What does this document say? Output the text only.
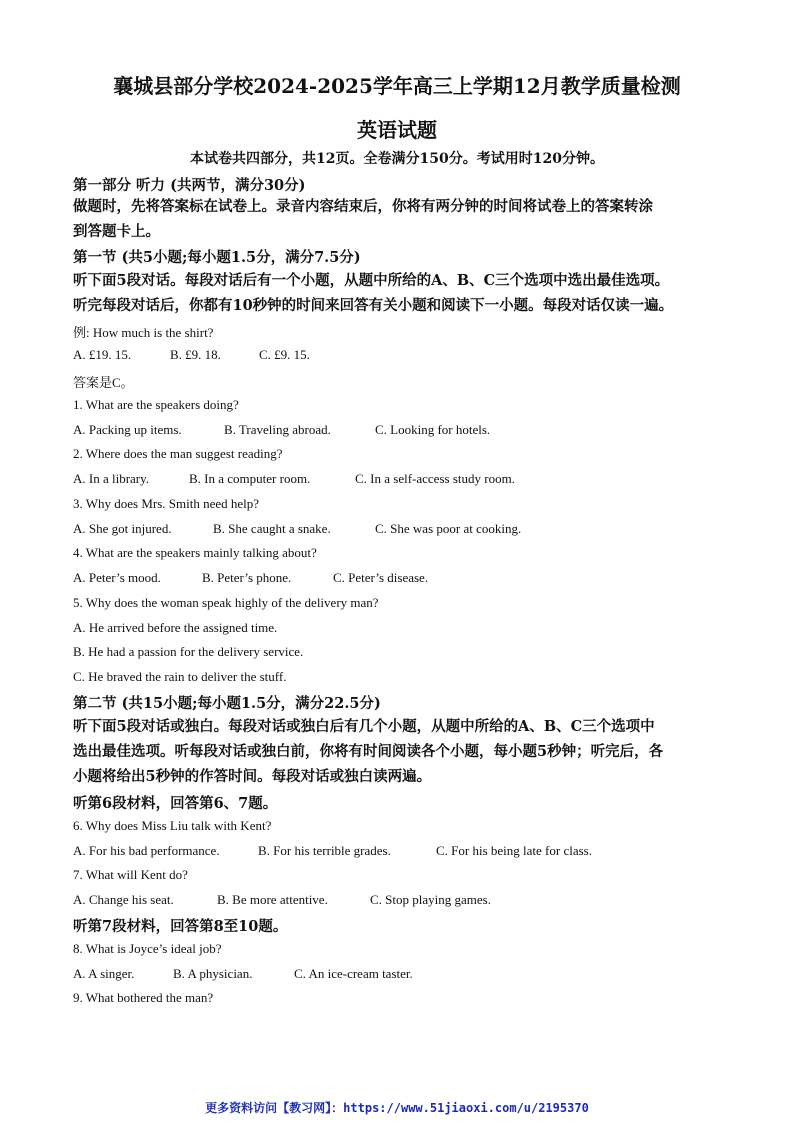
襄城县部分学校2024-2025学年高三上学期12月教学质量检测
英语试题
本试卷共四部分，共12页。全卷满分150分。考试用时120分钟。
第一部分 听力 (共两节，满分30分)
做题时，先将答案标在试卷上。录音内容结束后，你将有两分钟的时间将试卷上的答案转涂
到答题卡上。
第一节 (共5小题;每小题1.5分，满分7.5分)
听下面5段对话。每段对话后有一个小题，从题中所给的A、B、C三个选项中选出最佳选项。
听完每段对话后，你都有10秒钟的时间来回答有关小题和阅读下一小题。每段对话仅读一遍。
例: How much is the shirt?
A. £19. 15.	B. £9. 18.	C. £9. 15.
答案是C。
1. What are the speakers doing?
A. Packing up items.	B. Traveling abroad.	C. Looking for hotels.
2. Where does the man suggest reading?
A. In a library.	B. In a computer room.	C. In a self-access study room.
3. Why does Mrs. Smith need help?
A. She got injured.	B. She caught a snake.	C. She was poor at cooking.
4. What are the speakers mainly talking about?
A. Peter’s mood.	B. Peter’s phone.	C. Peter’s disease.
5. Why does the woman speak highly of the delivery man?
A. He arrived before the assigned time.
B. He had a passion for the delivery service.
C. He braved the rain to deliver the stuff.
第二节 (共15小题;每小题1.5分，满分22.5分)
听下面5段对话或独白。每段对话或独白后有几个小题，从题中所给的A、B、C三个选项中
选出最佳选项。听每段对话或独白前，你将有时间阅读各个小题，每小题5秒钟；听完后，各
小题将给出5秒钟的作答时间。每段对话或独白读两遍。
听第6段材料，回答第6、7题。
6. Why does Miss Liu talk with Kent?
A. For his bad performance.	B. For his terrible grades.	C. For his being late for class.
7. What will Kent do?
A. Change his seat.	B. Be more attentive.	C. Stop playing games.
听第7段材料，回答第8至10题。
8. What is Joyce’s ideal job?
A. A singer.	B. A physician.	C. An ice-cream taster.
9. What bothered the man?
更多资料访问【教习网】：https://www.51jiaoxi.com/u/2195370
